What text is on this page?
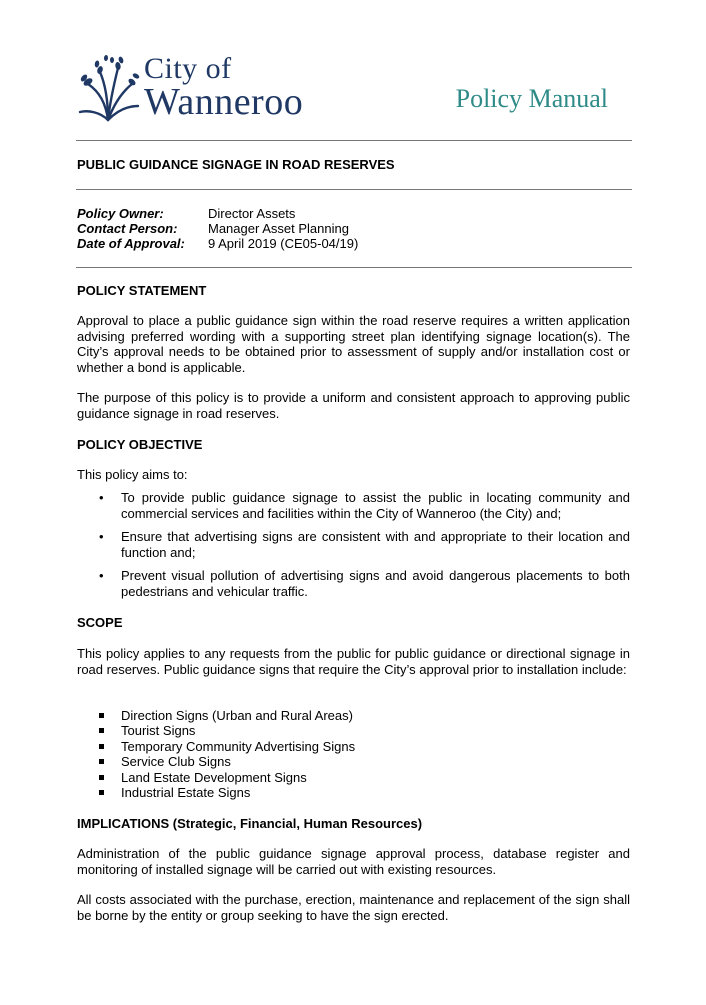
City of
Wanneroo	Policy Manual
PUBLIC GUIDANCE SIGNAGE IN ROAD RESERVES
Policy Owner:	Director Assets
Contact Person: Manager Asset Planning
Date of Approval: 9 April 2019 (CE05-04/19)
POLICY STATEMENT
Approval to place a public guidance sign within the road reserve requires a written application advising preferred wording with a supporting street plan identifying signage location(s). The City’s approval needs to be obtained prior to assessment of supply and/or installation cost or whether a bond is applicable.
The purpose of this policy is to provide a uniform and consistent approach to approving public guidance signage in road reserves.
POLICY OBJECTIVE
This policy aims to:
• To provide public guidance signage to assist the public in locating community and commercial services and facilities within the City of Wanneroo (the City) and;
• Ensure that advertising signs are consistent with and appropriate to their location and function and;
• Prevent visual pollution of advertising signs and avoid dangerous placements to both pedestrians and vehicular traffic.
SCOPE
This policy applies to any requests from the public for public guidance or directional signage in road reserves. Public guidance signs that require the City’s approval prior to installation include:
Direction Signs (Urban and Rural Areas)
Tourist Signs
Temporary Community Advertising Signs
Service Club Signs
Land Estate Development Signs
Industrial Estate Signs
IMPLICATIONS (Strategic, Financial, Human Resources)
Administration of the public guidance signage approval process, database register and monitoring of installed signage will be carried out with existing resources.
All costs associated with the purchase, erection, maintenance and replacement of the sign shall be borne by the entity or group seeking to have the sign erected.
